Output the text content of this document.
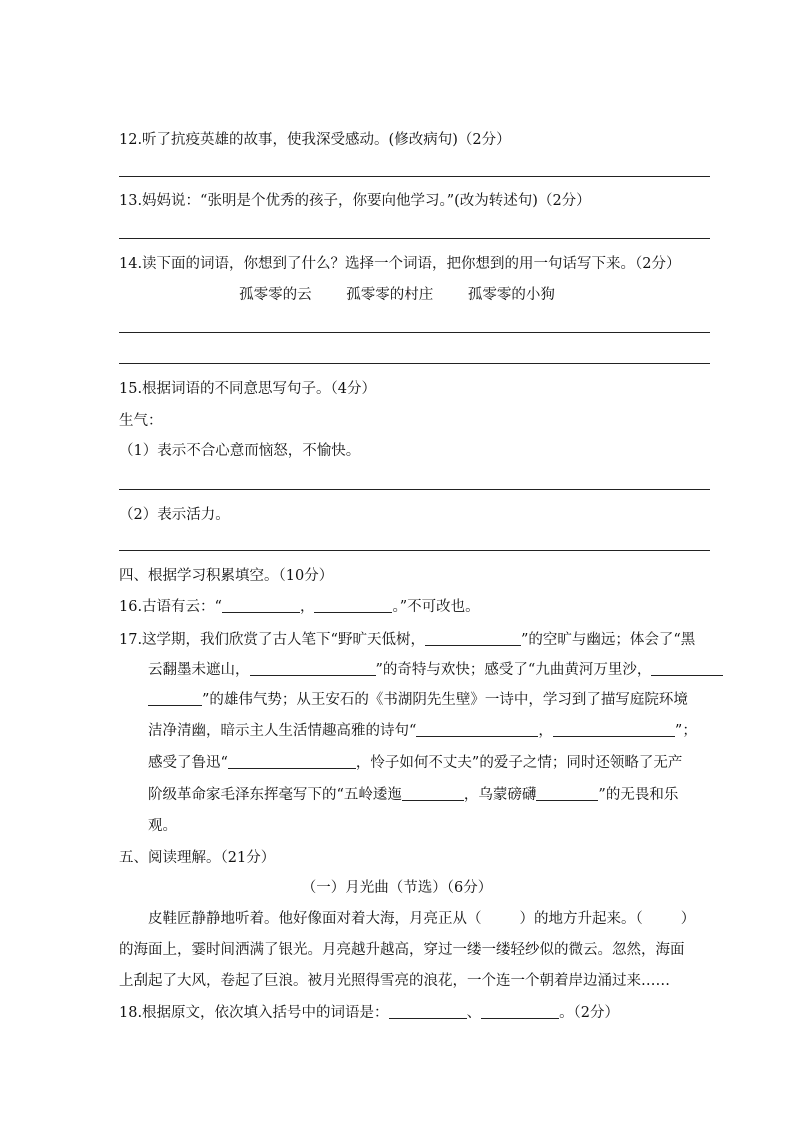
12.听了抗疫英雄的故事，使我深受感动。(修改病句)（2分）
13.妈妈说：“张明是个优秀的孩子，你要向他学习。”(改为转述句)（2分）
14.读下面的词语，你想到了什么？选择一个词语，把你想到的用一句话写下来。（2分）
孤零零的云 孤零零的村庄 孤零零的小狗
15.根据词语的不同意思写句子。（4分）
生气：
（1）表示不合心意而恼怒，不愉快。
（2）表示活力。
四、根据学习积累填空。（10分）
16.古语有云：“	，	。”不可改也。
17.这学期，我们欣赏了古人笔下“野旷天低树，	”的空旷与幽远；体会了“黑
云翻墨未遮山，	”的奇特与欢快；感受了“九曲黄河万里沙，
”的雄伟气势；从王安石的《书湖阴先生壁》一诗中，学习到了描写庭院环境
洁净清幽，暗示主人生活情趣高雅的诗句“	，	”；
感受了鲁迅“	，怜子如何不丈夫”的爱子之情；同时还领略了无产
阶级革命家毛泽东挥毫写下的“五岭逶迤	，乌蒙磅礴	”的无畏和乐
观。
五、阅读理解。（21分）
（一）月光曲（节选）（6分）
皮鞋匠静静地听着。他好像面对着大海，月亮正从（	）的地方升起来。（	）
的海面上，霎时间洒满了银光。月亮越升越高，穿过一缕一缕轻纱似的微云。忽然，海面
上刮起了大风，卷起了巨浪。被月光照得雪亮的浪花，一个连一个朝着岸边涌过来……
18.根据原文，依次填入括号中的词语是：	、	。（2分）
